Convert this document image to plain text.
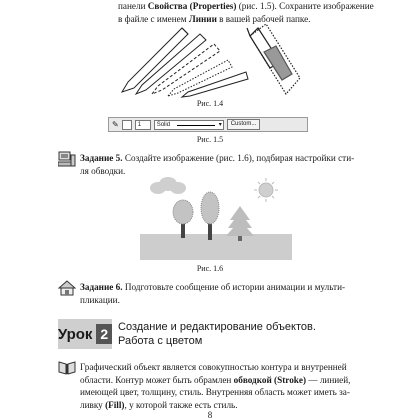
панели Свойства (Properties) (рис. 1.5). Сохраните изображение
в файле с именем Линии в вашей рабочей папке.
Рис. 1.4
✎	1	Solid	▾	Custom...
Рис. 1.5
Задание 5. Создайте изображение (рис. 1.6), подбирая настройки сти-
ля обводки.
Рис. 1.6
Задание 6. Подготовьте сообщение об истории анимации и мульти-
пликации.
Урок 2 Создание и редактирование объектов.
Работа с цветом
Графический объект является совокупностью контура и внутренней
области. Контур может быть обрамлен обводкой (Stroke) — линией,
имеющей цвет, толщину, стиль. Внутренняя область может иметь за-
ливку (Fill), у которой также есть стиль.
8
